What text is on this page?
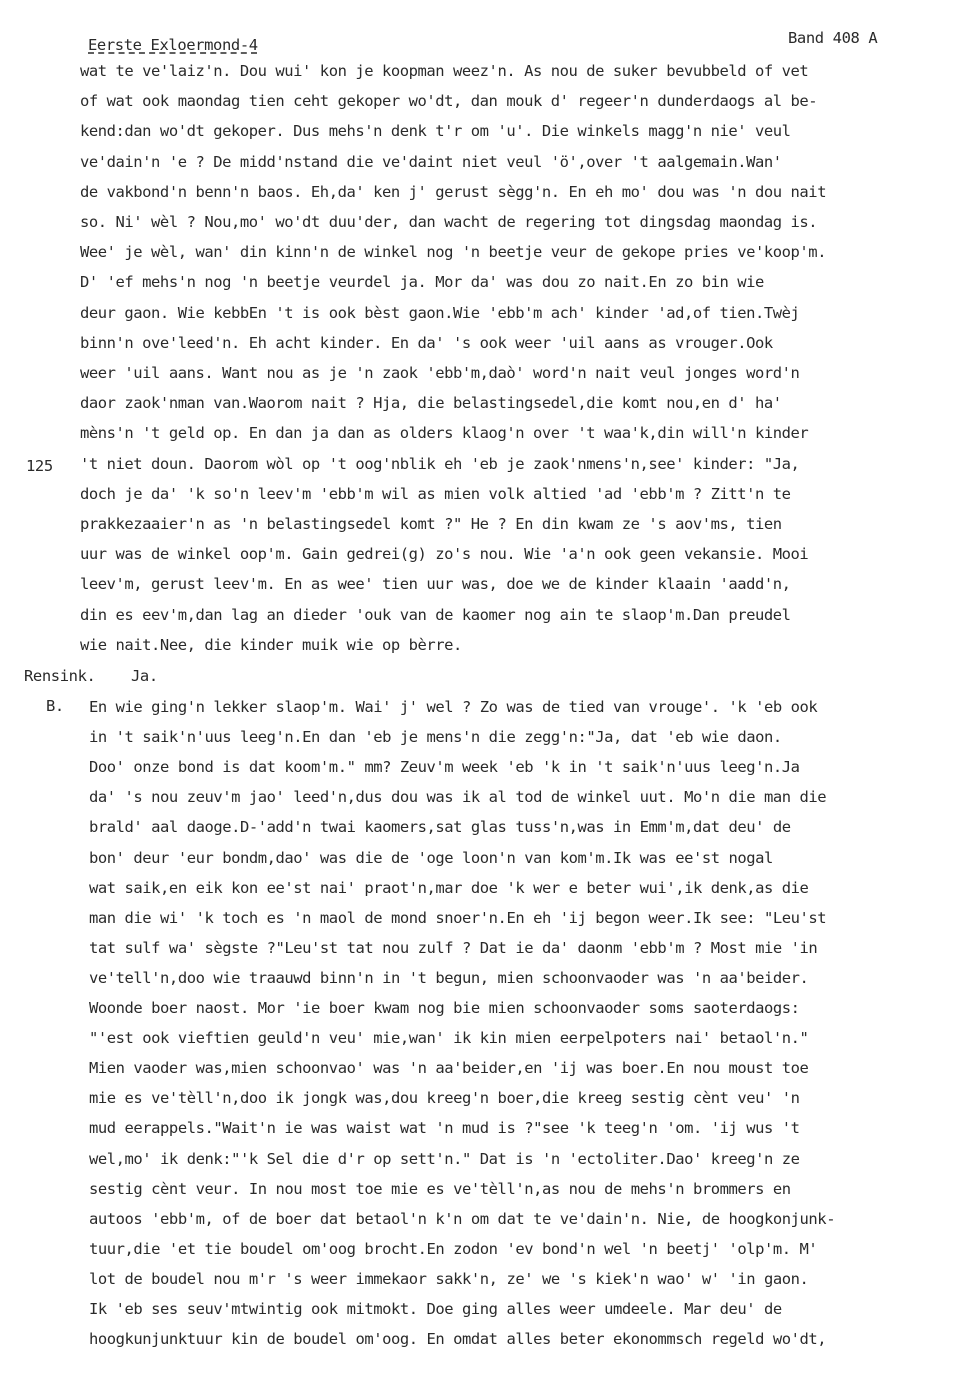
Eerste Exloermond-4	Band 408 A
wat te ve'laiz'n. Dou wui' kon je koopman weez'n. As nou de suker bevubbeld of vet
of wat ook maondag tien ceht gekoper wo'dt, dan mouk d' regeer'n dunderdaogs al be-
kend:dan wo'dt gekoper. Dus mehs'n denk t'r om 'u'. Die winkels magg'n nie' veul
ve'dain'n 'e ? De midd'nstand die ve'daint niet veul 'ö',over 't aalgemain.Wan'
de vakbond'n benn'n baos. Eh,da' ken j' gerust sègg'n. En eh mo' dou was 'n dou nait
so. Ni' wèl ? Nou,mo' wo'dt duu'der, dan wacht de regering tot dingsdag maondag is.
Wee' je wèl, wan' din kinn'n de winkel nog 'n beetje veur de gekope pries ve'koop'm.
D' 'ef mehs'n nog 'n beetje veurdel ja. Mor da' was dou zo nait.En zo bin wie
deur gaon. Wie kebbEn 't is ook bèst gaon.Wie 'ebb'm ach' kinder 'ad,of tien.Twèj
binn'n ove'leed'n. Eh acht kinder. En da' 's ook weer 'uil aans as vrouger.Ook
weer 'uil aans. Want nou as je 'n zaok 'ebb'm,daò' word'n nait veul jonges word'n
daor zaok'nman van.Waorom nait ? Hja, die belastingsedel,die komt nou,en d' ha'
mèns'n 't geld op. En dan ja dan as olders klaog'n over 't waa'k,din will'n kinder
't niet doun. Daorom wòl op 't oog'nblik eh 'eb je zaok'nmens'n,see' kinder: "Ja,
doch je da' 'k so'n leev'm 'ebb'm wil as mien volk altied 'ad 'ebb'm ? Zitt'n te
prakkezaaier'n as 'n belastingsedel komt ?" He ? En din kwam ze 's aov'ms, tien
uur was de winkel oop'm. Gain gedrei(g) zo's nou. Wie 'a'n ook geen vekansie. Mooi
leev'm, gerust leev'm. En as wee' tien uur was, doe we de kinder klaain 'aadd'n,
din es eev'm,dan lag an dieder 'ouk van de kaomer nog ain te slaop'm.Dan preudel
wie nait.Nee, die kinder muik wie op bèrre.
125
Rensink. Ja.
B. En wie ging'n lekker slaop'm. Wai' j' wel ? Zo was de tied van vrouge'. 'k 'eb ook
in 't saik'n'uus leeg'n.En dan 'eb je mens'n die zegg'n:"Ja, dat 'eb wie daon.
Doo' onze bond is dat koom'm." mm? Zeuv'm week 'eb 'k in 't saik'n'uus leeg'n.Ja
da' 's nou zeuv'm jao' leed'n,dus dou was ik al tod de winkel uut. Mo'n die man die
brald' aal daoge.D-'add'n twai kaomers,sat glas tuss'n,was in Emm'm,dat deu' de
bon' deur 'eur bondm,dao' was die de 'oge loon'n van kom'm.Ik was ee'st nogal
wat saik,en eik kon ee'st nai' praot'n,mar doe 'k wer e beter wui',ik denk,as die
man die wi' 'k toch es 'n maol de mond snoer'n.En eh 'ij begon weer.Ik see: "Leu'st
tat sulf wa' sègste ?"Leu'st tat nou zulf ? Dat ie da' daonm 'ebb'm ? Most mie 'in
ve'tell'n,doo wie traauwd binn'n in 't begun, mien schoonvaoder was 'n aa'beider.
Woonde boer naost. Mor 'ie boer kwam nog bie mien schoonvaoder soms saoterdaogs:
"'est ook vieftien geuld'n veu' mie,wan' ik kin mien eerpelpoters nai' betaol'n."
Mien vaoder was,mien schoonvao' was 'n aa'beider,en 'ij was boer.En nou moust toe
mie es ve'tèll'n,doo ik jongk was,dou kreeg'n boer,die kreeg sestig cènt veu' 'n
mud eerappels."Wait'n ie was waist wat 'n mud is ?"see 'k teeg'n 'om. 'ij wus 't
wel,mo' ik denk:"'k Sel die d'r op sett'n." Dat is 'n 'ectoliter.Dao' kreeg'n ze
sestig cènt veur. In nou most toe mie es ve'tèll'n,as nou de mehs'n brommers en
autoos 'ebb'm, of de boer dat betaol'n k'n om dat te ve'dain'n. Nie, de hoogkonjunk-
tuur,die 'et tie boudel om'oog brocht.En zodon 'ev bond'n wel 'n beetj' 'olp'm. M'
lot de boudel nou m'r 's weer immekaor sakk'n, ze' we 's kiek'n wao' w' 'in gaon.
Ik 'eb ses seuv'mtwintig ook mitmokt. Doe ging alles weer umdeele. Mar deu' de
hoogkunjunktuur kin de boudel om'oog. En omdat alles beter ekonommsch regeld wo'dt,
